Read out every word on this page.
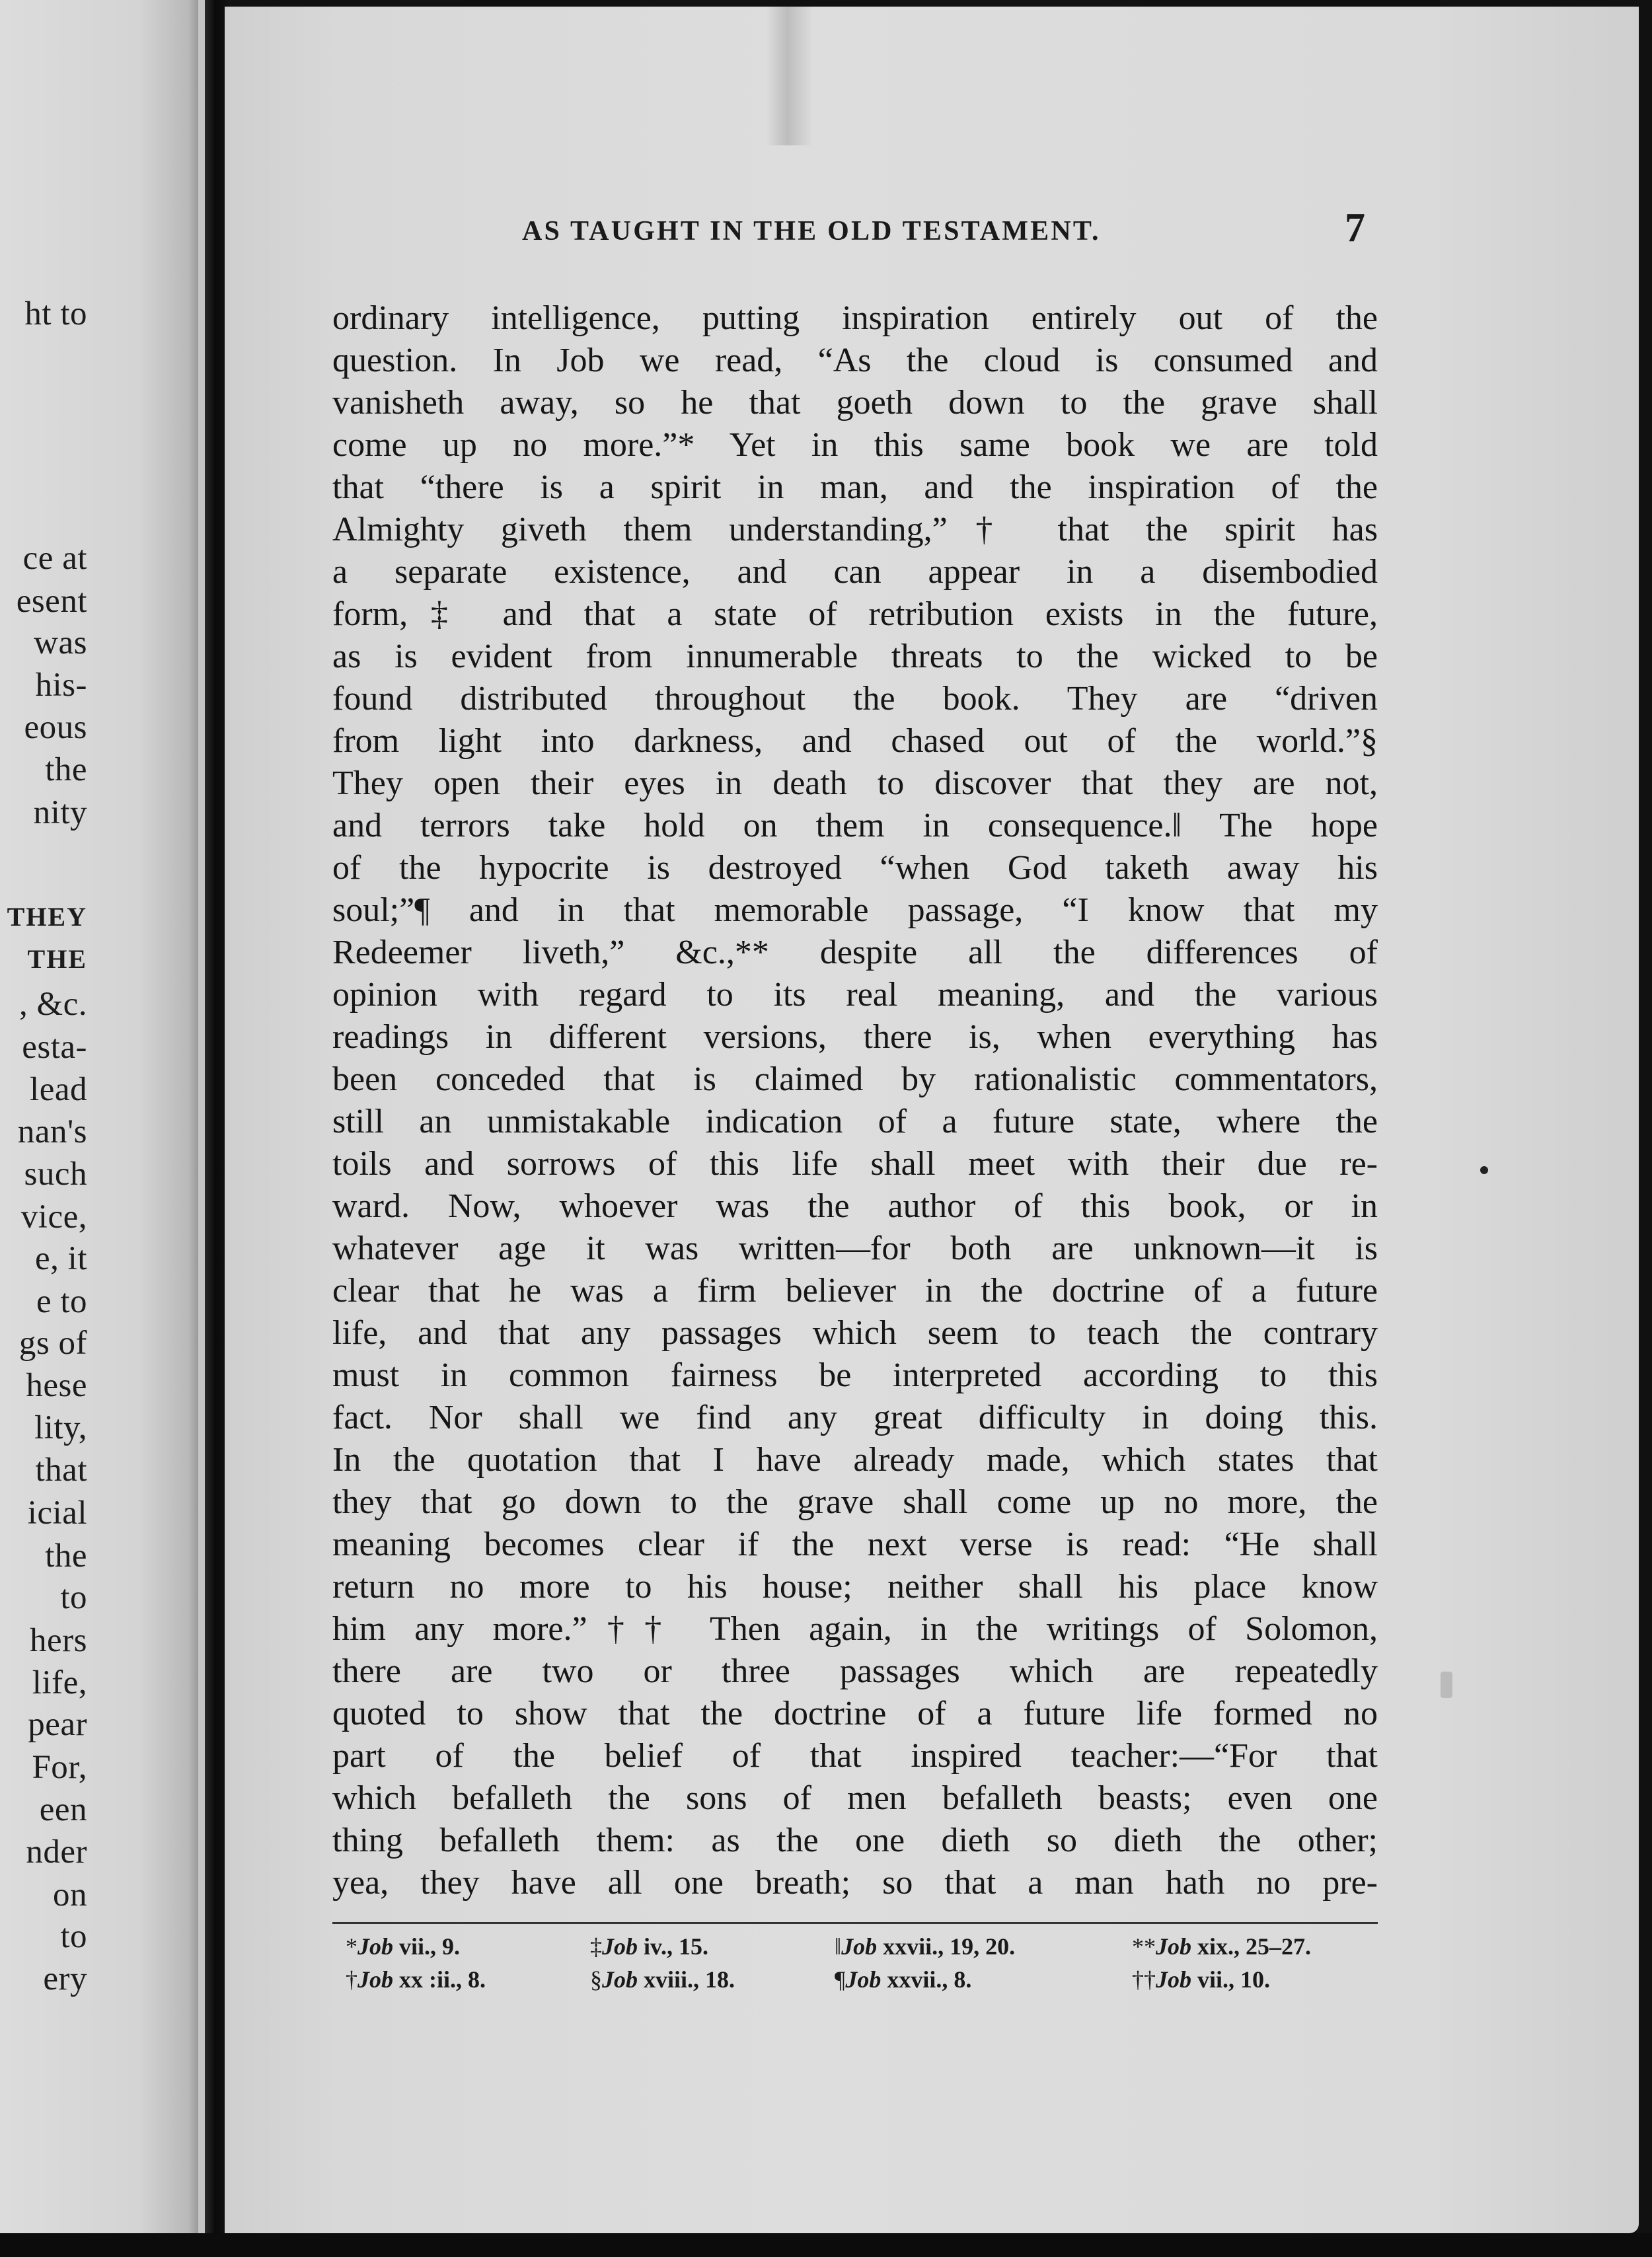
ht to
ce at
esent
was
his-
eous
the
nity
THEY
THE
, &c.
esta-
lead
nan's
such
vice,
e, it
e to
gs of
hese
lity,
that
icial
the
to
hers
life,
pear
For,
een
nder
on
to
ery
AS TAUGHT IN THE OLD TESTAMENT.	7
ordinary intelligence, putting inspiration entirely out of the
question. In Job we read, “As the cloud is consumed and
vanisheth away, so he that goeth down to the grave shall
come up no more.”* Yet in this same book we are told
that “there is a spirit in man, and the inspiration of the
Almighty giveth them understanding,”† that the spirit has
a separate existence, and can appear in a disembodied
form,‡ and that a state of retribution exists in the future,
as is evident from innumerable threats to the wicked to be
found distributed throughout the book. They are “driven
from light into darkness, and chased out of the world.”§
They open their eyes in death to discover that they are not,
and terrors take hold on them in consequence.‖ The hope
of the hypocrite is destroyed “when God taketh away his
soul;”¶ and in that memorable passage, “I know that my
Redeemer liveth,” &c.,** despite all the differences of
opinion with regard to its real meaning, and the various
readings in different versions, there is, when everything has
been conceded that is claimed by rationalistic commentators,
still an unmistakable indication of a future state, where the
toils and sorrows of this life shall meet with their due re-
ward. Now, whoever was the author of this book, or in
whatever age it was written—for both are unknown—it is
clear that he was a firm believer in the doctrine of a future
life, and that any passages which seem to teach the contrary
must in common fairness be interpreted according to this
fact. Nor shall we find any great difficulty in doing this.
In the quotation that I have already made, which states that
they that go down to the grave shall come up no more, the
meaning becomes clear if the next verse is read: “He shall
return no more to his house; neither shall his place know
him any more.”†† Then again, in the writings of Solomon,
there are two or three passages which are repeatedly
quoted to show that the doctrine of a future life formed no
part of the belief of that inspired teacher:—“For that
which befalleth the sons of men befalleth beasts; even one
thing befalleth them: as the one dieth so dieth the other;
yea, they have all one breath; so that a man hath no pre-
*Job vii., 9.
†Job xx :ii., 8.
‡Job iv., 15.
§Job xviii., 18.
‖Job xxvii., 19, 20.
¶Job xxvii., 8.
**Job xix., 25–27.
††Job vii., 10.
